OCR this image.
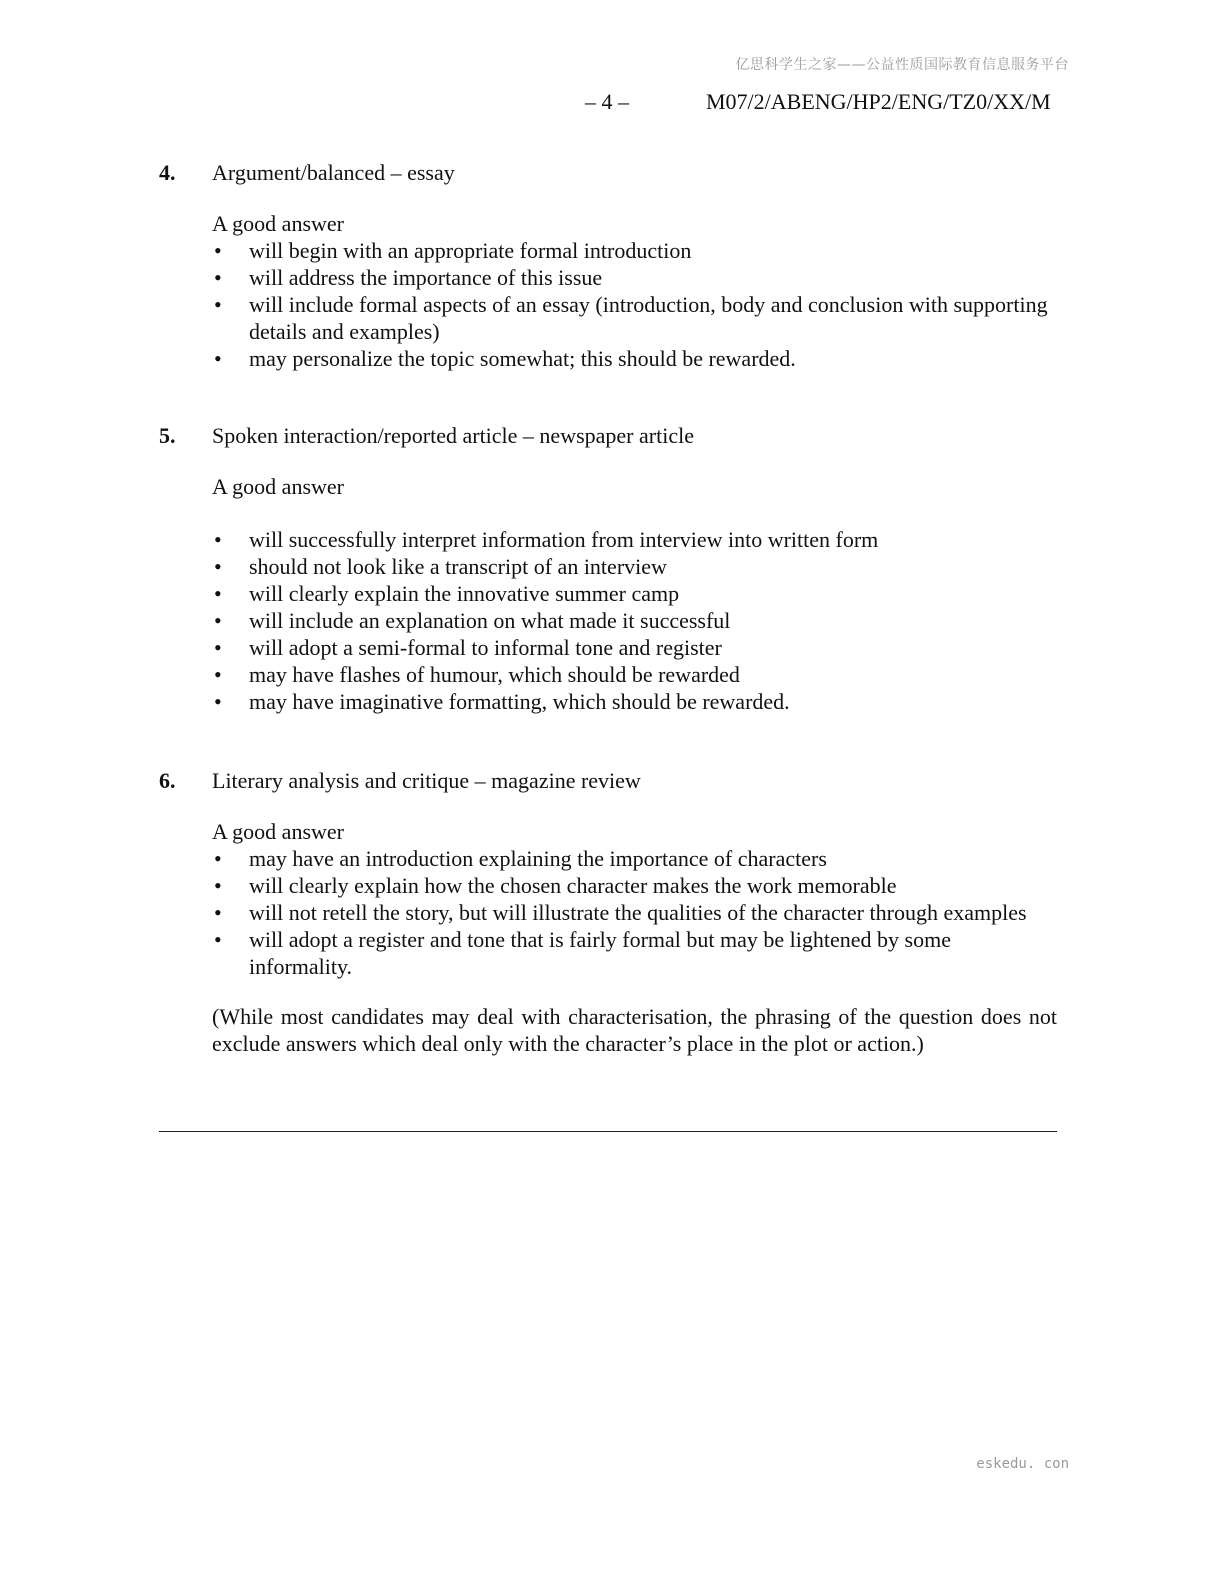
亿思科学生之家——公益性质国际教育信息服务平台
– 4 –	M07/2/ABENG/HP2/ENG/TZ0/XX/M
4.	Argument/balanced – essay
A good answer
•	will begin with an appropriate formal introduction
•	will address the importance of this issue
•	will include formal aspects of an essay (introduction, body and conclusion with supporting details and examples)
•	may personalize the topic somewhat; this should be rewarded.
5.	Spoken interaction/reported article – newspaper article
A good answer
•	will successfully interpret information from interview into written form
•	should not look like a transcript of an interview
•	will clearly explain the innovative summer camp
•	will include an explanation on what made it successful
•	will adopt a semi-formal to informal tone and register
•	may have flashes of humour, which should be rewarded
•	may have imaginative formatting, which should be rewarded.
6.	Literary analysis and critique – magazine review
A good answer
•	may have an introduction explaining the importance of characters
•	will clearly explain how the chosen character makes the work memorable
•	will not retell the story, but will illustrate the qualities of the character through examples
•	will adopt a register and tone that is fairly formal but may be lightened by some informality.
(While most candidates may deal with characterisation, the phrasing of the question does not exclude answers which deal only with the character’s place in the plot or action.)
eskedu. con
